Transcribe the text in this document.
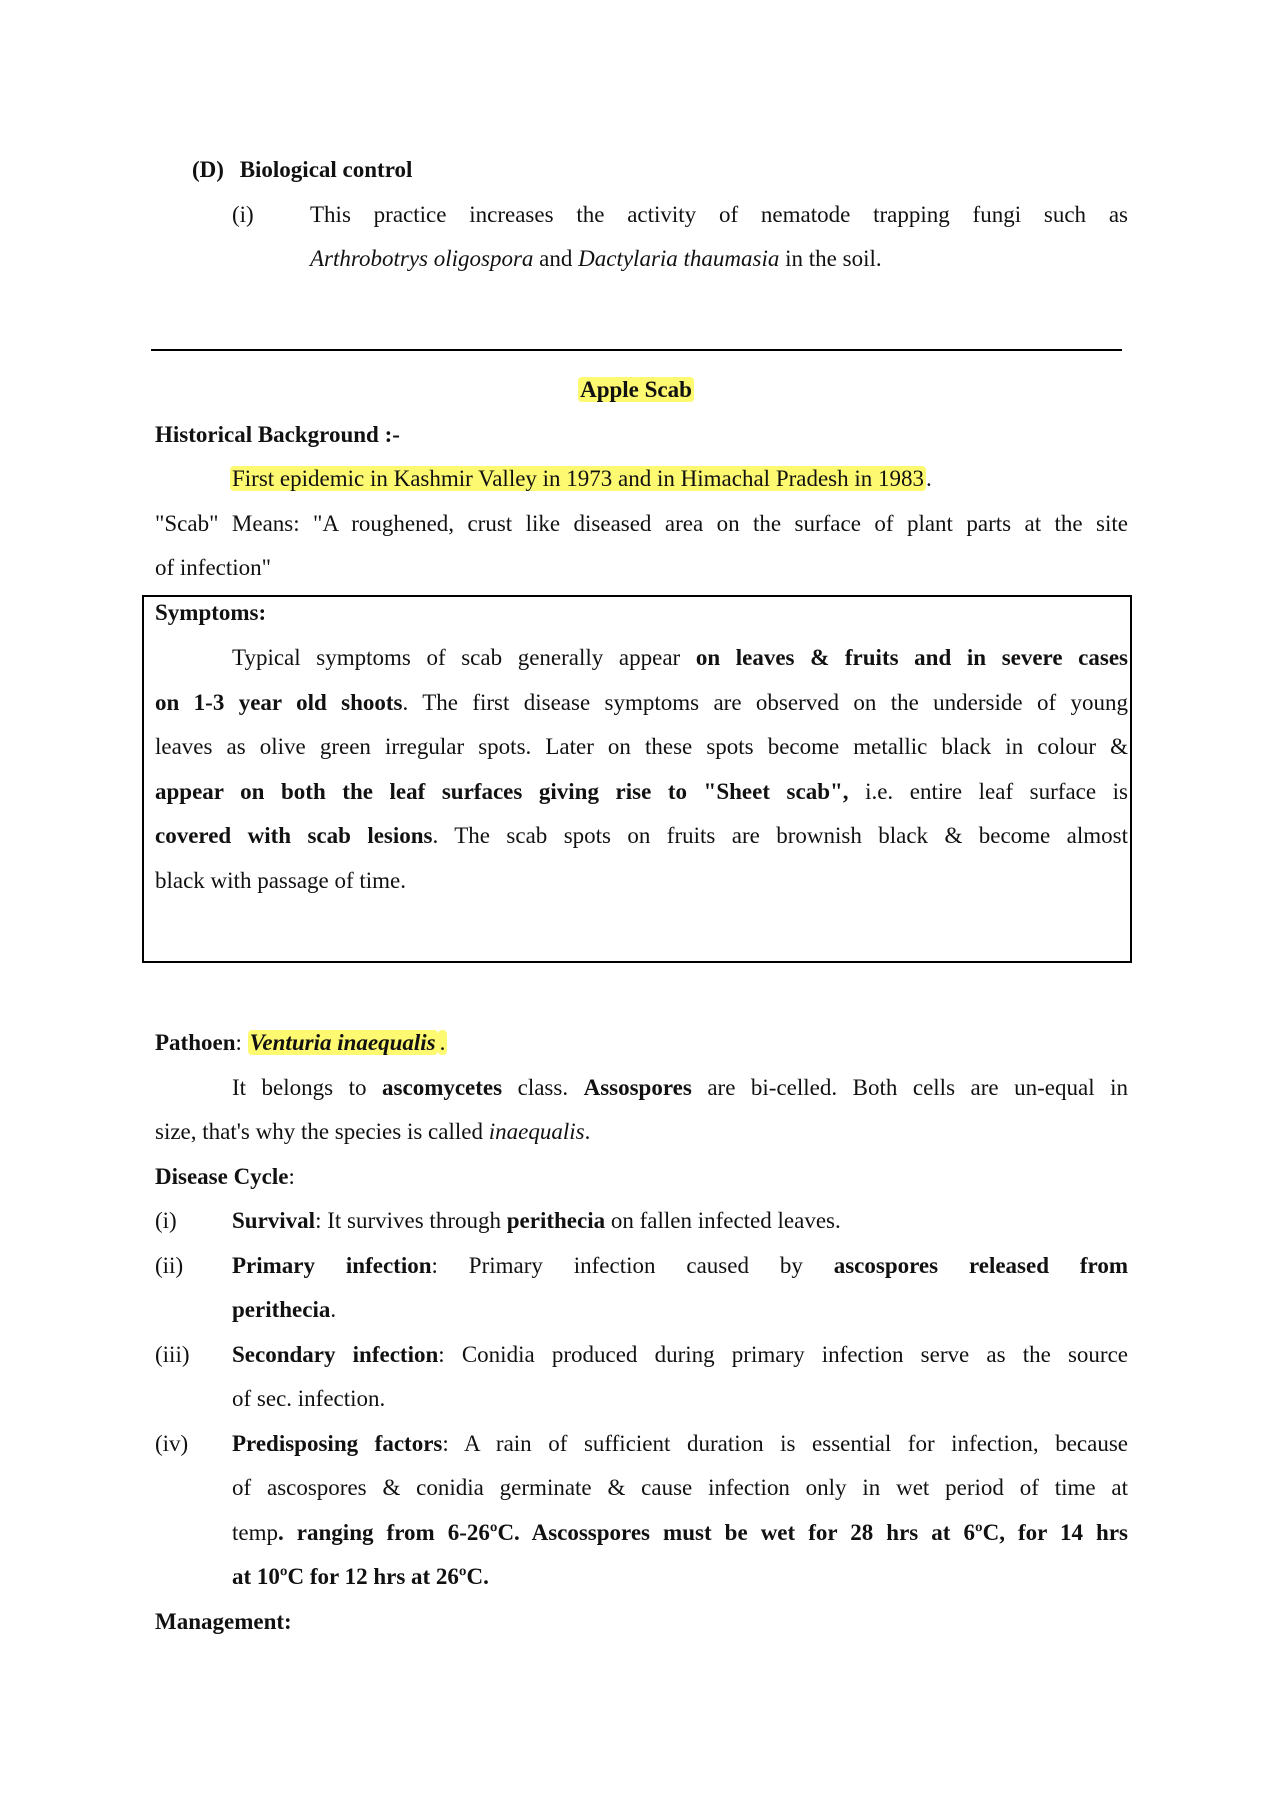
(D) Biological control
(i) This practice increases the activity of nematode trapping fungi such as
Arthrobotrys oligospora and Dactylaria thaumasia in the soil.
Apple Scab
Historical Background :-
First epidemic in Kashmir Valley in 1973 and in Himachal Pradesh in 1983.
"Scab" Means: "A roughened, crust like diseased area on the surface of plant parts at the site
of infection"
Symptoms:
Typical symptoms of scab generally appear on leaves & fruits and in severe cases
on 1-3 year old shoots. The first disease symptoms are observed on the underside of young
leaves as olive green irregular spots. Later on these spots become metallic black in colour &
appear on both the leaf surfaces giving rise to "Sheet scab", i.e. entire leaf surface is
covered with scab lesions. The scab spots on fruits are brownish black & become almost
black with passage of time.
Pathoen: Venturia inaequalis .
It belongs to ascomycetes class. Assospores are bi-celled. Both cells are un-equal in
size, that's why the species is called inaequalis.
Disease Cycle:
(i) Survival: It survives through perithecia on fallen infected leaves.
(ii) Primary infection: Primary infection caused by ascospores released from
perithecia.
(iii) Secondary infection: Conidia produced during primary infection serve as the source
of sec. infection.
(iv) Predisposing factors: A rain of sufficient duration is essential for infection, because
of ascospores & conidia germinate & cause infection only in wet period of time at
temp. ranging from 6-26ºC. Ascosspores must be wet for 28 hrs at 6ºC, for 14 hrs
at 10ºC for 12 hrs at 26ºC.
Management:
